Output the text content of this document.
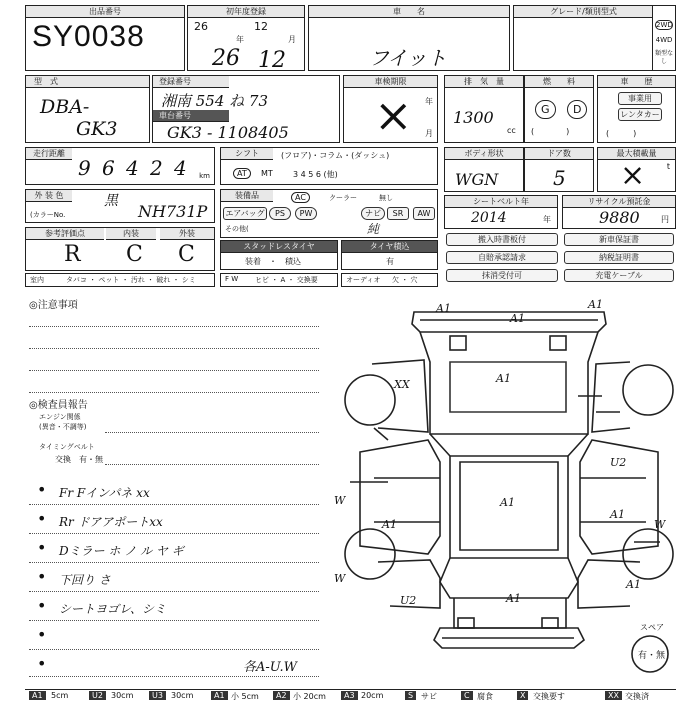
出品番号
SY0038
初年度登録
26
年
12
月
26 12
車　　名
フイット
グレード/類別型式
2WD
4WD
類型なし
型　式
DBA-
GK3
登録番号
湘南 554 ね 73
車台番号
GK3 - 1108405
車検期限
年
月
×
排　気　量
1300
cc
燃　　料
G	D
(　　　　)
車　　歴
事業用
レンタカー
(　　　)
走行距離
9 6 4 2 4 km
シフト	(フロア)・コラム・(ダッシュ)
AT	MT	3 4 5 6 (他)
ボディ形状
WGN
ドア数
5
最大積載量
t
×
外 装 色
(カラーNo.
黒
NH731P
装備品	AC	クーラー	無し
エアバッグ	PS	PW	ナビ	SR	AW
その他(	純
シートベルト年
2014	年
リサイクル預託金
9880	円
参考評価点	内装	外装
R C C	スタッドレスタイヤ
装着　・　積込
タイヤ積込
有
搬入時書板付
自賠承認請求
抹消受付可
新車保証書
納税証明書
充電ケーブル
室内	タバコ ・ ペット ・ 汚れ ・ 破れ ・ シミ	F W ヒビ ・ A ・ 交換要	オーディオ 欠 ・ 穴
◎注意事項
◎検査員報告
エンジン関係
(異音・不調等)
タイミングベルト
交換　有・無
• Fr Fインパネ xx
• Rr ドアアポートxx
• Dミラー ホ ノ ル ヤ ギ
• 下回り さ
• シートヨゴレ、シミ
•
•	各A-U.W
A1	A1
XX	A1
W
U2
A1
A1
W
A1
A1
W
U2	A1
A1
スペア
有・無
A1	5cm	U2	30cm	U3	30cm	A1 小 5cm	A2 小 20cm	A3 20cm	S サビ	C 腐食	X 交換要す	XX 交換済
